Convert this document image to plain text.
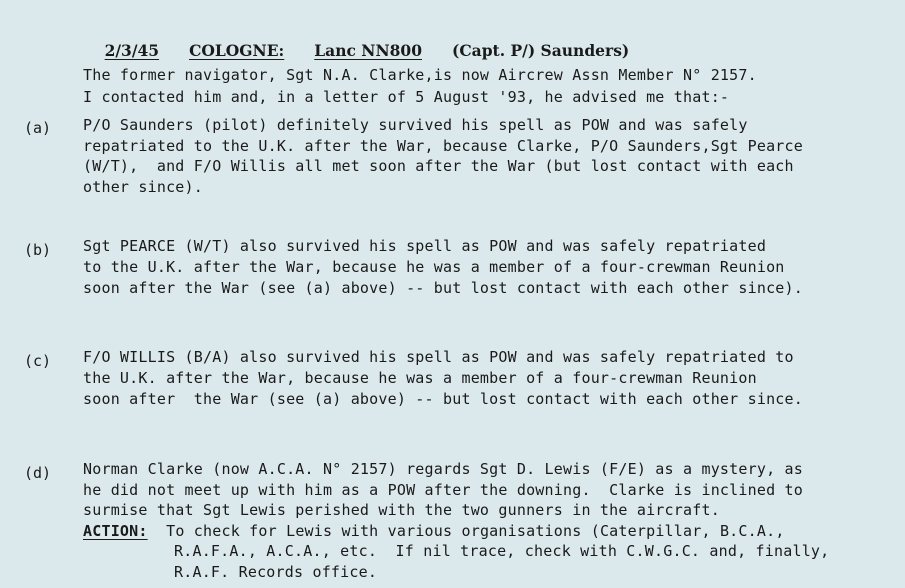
2/3/45 COLOGNE: Lanc NN800 (Capt. P/) Saunders)

The former navigator, Sgt N.A. Clarke,is now Aircrew Assn Member N° 2157.
I contacted him and, in a letter of 5 August '93, he advised me that:-
(a) P/O Saunders (pilot) definitely survived his spell as POW and was safely
repatriated to the U.K. after the War, because Clarke, P/O Saunders,Sgt Pearce
(W/T),  and F/O Willis all met soon after the War (but lost contact with each
other since).
(b) Sgt PEARCE (W/T) also survived his spell as POW and was safely repatriated
to the U.K. after the War, because he was a member of a four-crewman Reunion
soon after the War (see (a) above) -- but lost contact with each other since).
(c) F/O WILLIS (B/A) also survived his spell as POW and was safely repatriated to
the U.K. after the War, because he was a member of a four-crewman Reunion
soon after  the War (see (a) above) -- but lost contact with each other since.
(d) Norman Clarke (now A.C.A. N° 2157) regards Sgt D. Lewis (F/E) as a mystery, as
he did not meet up with him as a POW after the downing.  Clarke is inclined to
surmise that Sgt Lewis perished with the two gunners in the aircraft.
ACTION: To check for Lewis with various organisations (Caterpillar, B.C.A.,
R.A.F.A., A.C.A., etc.  If nil trace, check with C.W.G.C. and, finally,
R.A.F. Records office.
